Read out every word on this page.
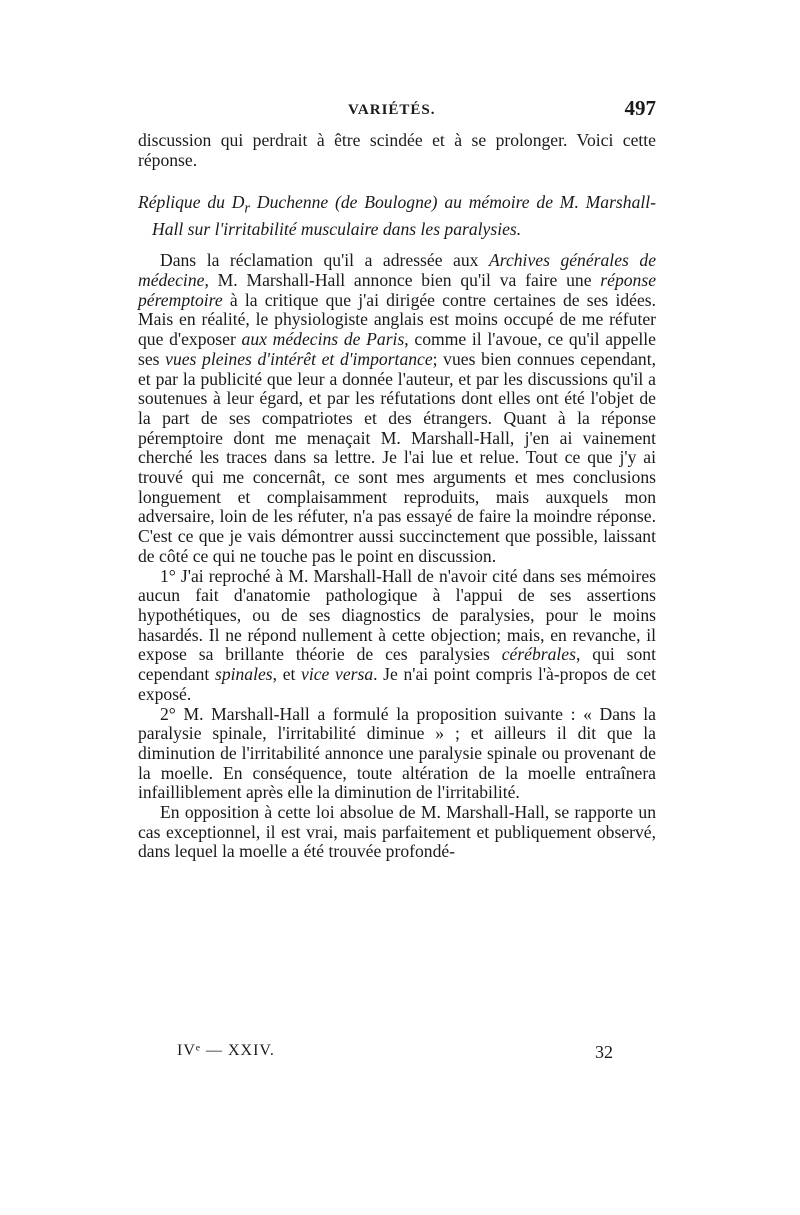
VARIÉTÉS.	497

discussion qui perdrait à être scindée et à se prolonger. Voici cette réponse.

Réplique du $D_r$ Duchenne (de Boulogne) au mémoire de M. Marshall-Hall sur l'irritabilité musculaire dans les paralysies.

Dans la réclamation qu'il a adressée aux Archives générales de médecine, M. Marshall-Hall annonce bien qu'il va faire une réponse péremptoire à la critique que j'ai dirigée contre certaines de ses idées. Mais en réalité, le physiologiste anglais est moins occupé de me réfuter que d'exposer aux médecins de Paris, comme il l'avoue, ce qu'il appelle ses vues pleines d'intérêt et d'importance; vues bien connues cependant, et par la publicité que leur a donnée l'auteur, et par les discussions qu'il a soutenues à leur égard, et par les réfutations dont elles ont été l'objet de la part de ses compatriotes et des étrangers. Quant à la réponse péremptoire dont me menaçait M. Marshall-Hall, j'en ai vainement cherché les traces dans sa lettre. Je l'ai lue et relue. Tout ce que j'y ai trouvé qui me concernât, ce sont mes arguments et mes conclusions longuement et complaisamment reproduits, mais auxquels mon adversaire, loin de les réfuter, n'a pas essayé de faire la moindre réponse. C'est ce que je vais démontrer aussi succinctement que possible, laissant de côté ce qui ne touche pas le point en discussion.

1° J'ai reproché à M. Marshall-Hall de n'avoir cité dans ses mémoires aucun fait d'anatomie pathologique à l'appui de ses assertions hypothétiques, ou de ses diagnostics de paralysies, pour le moins hasardés. Il ne répond nullement à cette objection; mais, en revanche, il expose sa brillante théorie de ces paralysies cérébrales, qui sont cependant spinales, et vice versa. Je n'ai point compris l'à-propos de cet exposé.

2° M. Marshall-Hall a formulé la proposition suivante : « Dans la paralysie spinale, l'irritabilité diminue » ; et ailleurs il dit que la diminution de l'irritabilité annonce une paralysie spinale ou provenant de la moelle. En conséquence, toute altération de la moelle entraînera infailliblement après elle la diminution de l'irritabilité.

En opposition à cette loi absolue de M. Marshall-Hall, se rapporte un cas exceptionnel, il est vrai, mais parfaitement et publiquement observé, dans lequel la moelle a été trouvée profondé-

IVᵉ — XXIV.	32
